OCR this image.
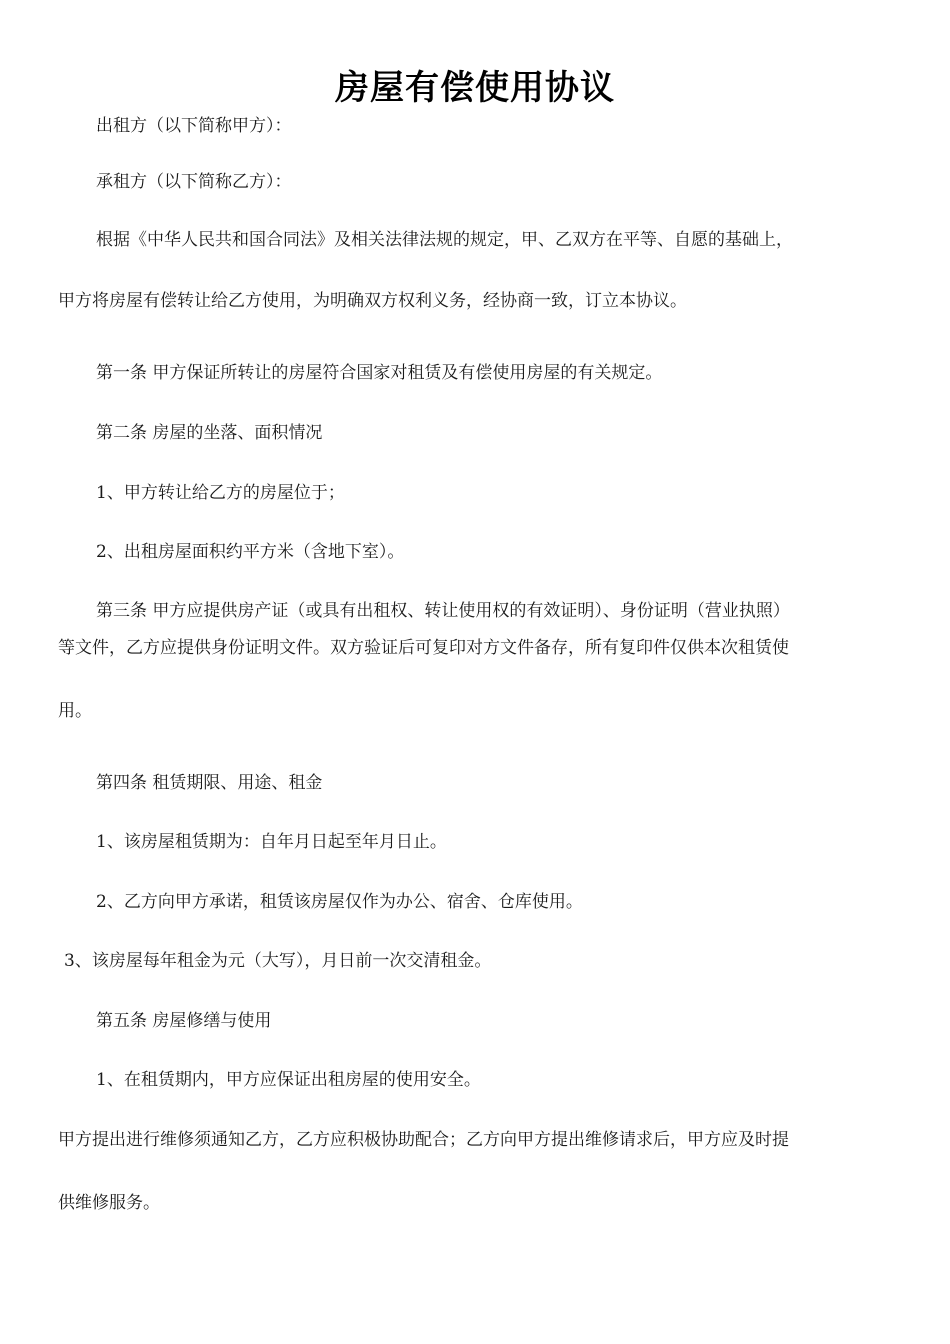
房屋有偿使用协议
出租方（以下简称甲方）：
承租方（以下简称乙方）：
根据《中华人民共和国合同法》及相关法律法规的规定，甲、乙双方在平等、自愿的基础上，
甲方将房屋有偿转让给乙方使用，为明确双方权利义务，经协商一致，订立本协议。
第一条 甲方保证所转让的房屋符合国家对租赁及有偿使用房屋的有关规定。
第二条 房屋的坐落、面积情况
1、甲方转让给乙方的房屋位于；
2、出租房屋面积约平方米（含地下室）。
第三条 甲方应提供房产证（或具有出租权、转让使用权的有效证明）、身份证明（营业执照）
等文件，乙方应提供身份证明文件。双方验证后可复印对方文件备存，所有复印件仅供本次租赁使
用。
第四条 租赁期限、用途、租金
1、该房屋租赁期为：自年月日起至年月日止。
2、乙方向甲方承诺，租赁该房屋仅作为办公、宿舍、仓库使用。
3、该房屋每年租金为元（大写），月日前一次交清租金。
第五条 房屋修缮与使用
1、在租赁期内，甲方应保证出租房屋的使用安全。
甲方提出进行维修须通知乙方，乙方应积极协助配合；乙方向甲方提出维修请求后，甲方应及时提
供维修服务。
